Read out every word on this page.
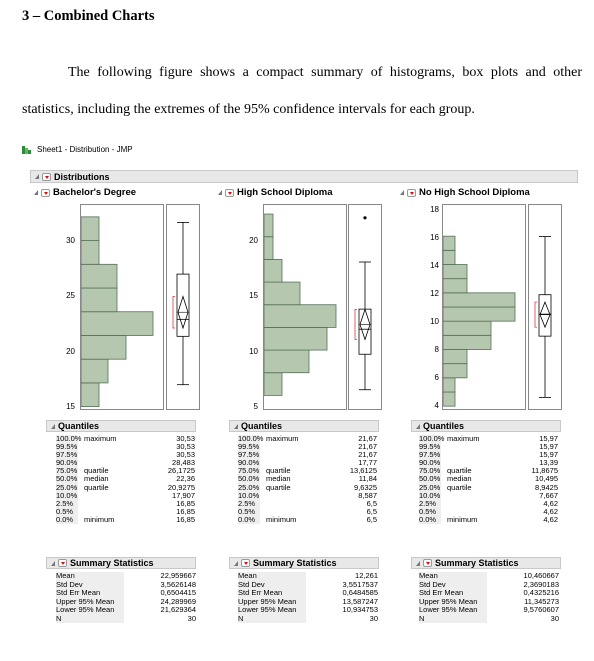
3 – Combined Charts
The following figure shows a compact summary of histograms, box plots and other statistics, including the extremes of the 95% confidence intervals for each group.
Sheet1 - Distribution - JMP
Distributions
Bachelor's Degree
30
25
20
15
High School Diploma
20
15
10
5
No High School Diploma
18
16
14
12
10
8
6
4
Quantiles	Quantiles	Quantiles
100.0% maximum	30,53
99.5%	30,53
97.5%	30,53
90.0%	28,483
75.0% quartile	26,1725
50.0% median	22,36
25.0% quartile	20,9275
10.0%	17,907
2.5%	16,85
0.5%	16,85
0.0%	minimum	16,85
100.0% maximum	21,67
99.5%	21,67
97.5%	21,67
90.0%	17,77
75.0% quartile	13,6125
50.0% median	11,84
25.0% quartile	9,6325
10.0%	8,587
2.5%	6,5
0.5%	6,5
0.0%	minimum	6,5
100.0% maximum	15,97
99.5%	15,97
97.5%	15,97
90.0%	13,39
75.0% quartile	11,8675
50.0% median	10,495
25.0% quartile	8,9425
10.0%	7,667
2.5%	4,62
0.5%	4,62
0.0%	minimum	4,62
Summary Statistics	Summary Statistics	Summary Statistics
Mean	22,959667
Std Dev	3,5626148
Std Err Mean	0,6504415
Upper 95% Mean	24,289969
Lower 95% Mean	21,629364
N	30
Mean	12,261
Std Dev	3,5517537
Std Err Mean	0,6484585
Upper 95% Mean	13,587247
Lower 95% Mean	10,934753
N	30
Mean	10,460667
Std Dev	2,3690183
Std Err Mean	0,4325216
Upper 95% Mean	11,345273
Lower 95% Mean	9,5760607
N	30
